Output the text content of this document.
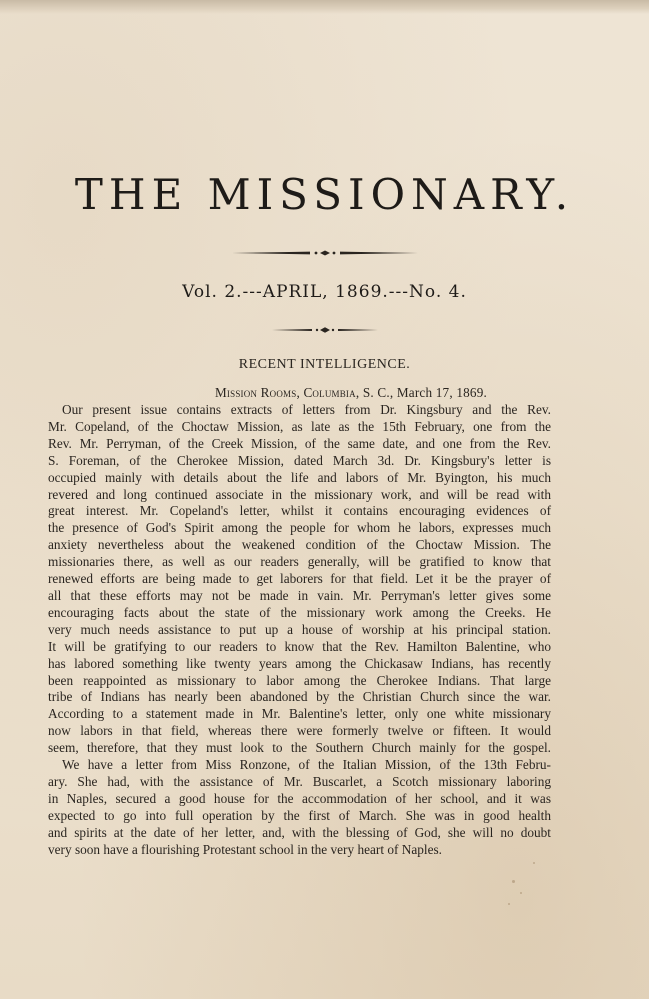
THE MISSIONARY.
Vol. 2.---APRIL, 1869.---No. 4.
RECENT INTELLIGENCE.
Mission Rooms, Columbia, S. C., March 17, 1869.
Our present issue contains extracts of letters from Dr. Kingsbury and the Rev.
Mr. Copeland, of the Choctaw Mission, as late as the 15th February, one from the
Rev. Mr. Perryman, of the Creek Mission, of the same date, and one from the Rev.
S. Foreman, of the Cherokee Mission, dated March 3d. Dr. Kingsbury's letter is
occupied mainly with details about the life and labors of Mr. Byington, his much
revered and long continued associate in the missionary work, and will be read with
great interest. Mr. Copeland's letter, whilst it contains encouraging evidences of
the presence of God's Spirit among the people for whom he labors, expresses much
anxiety nevertheless about the weakened condition of the Choctaw Mission. The
missionaries there, as well as our readers generally, will be gratified to know that
renewed efforts are being made to get laborers for that field. Let it be the prayer of
all that these efforts may not be made in vain. Mr. Perryman's letter gives some
encouraging facts about the state of the missionary work among the Creeks. He
very much needs assistance to put up a house of worship at his principal station.
It will be gratifying to our readers to know that the Rev. Hamilton Balentine, who
has labored something like twenty years among the Chickasaw Indians, has recently
been reappointed as missionary to labor among the Cherokee Indians. That large
tribe of Indians has nearly been abandoned by the Christian Church since the war.
According to a statement made in Mr. Balentine's letter, only one white missionary
now labors in that field, whereas there were formerly twelve or fifteen. It would
seem, therefore, that they must look to the Southern Church mainly for the gospel.
We have a letter from Miss Ronzone, of the Italian Mission, of the 13th Febru-
ary. She had, with the assistance of Mr. Buscarlet, a Scotch missionary laboring
in Naples, secured a good house for the accommodation of her school, and it was
expected to go into full operation by the first of March. She was in good health
and spirits at the date of her letter, and, with the blessing of God, she will no doubt
very soon have a flourishing Protestant school in the very heart of Naples.
